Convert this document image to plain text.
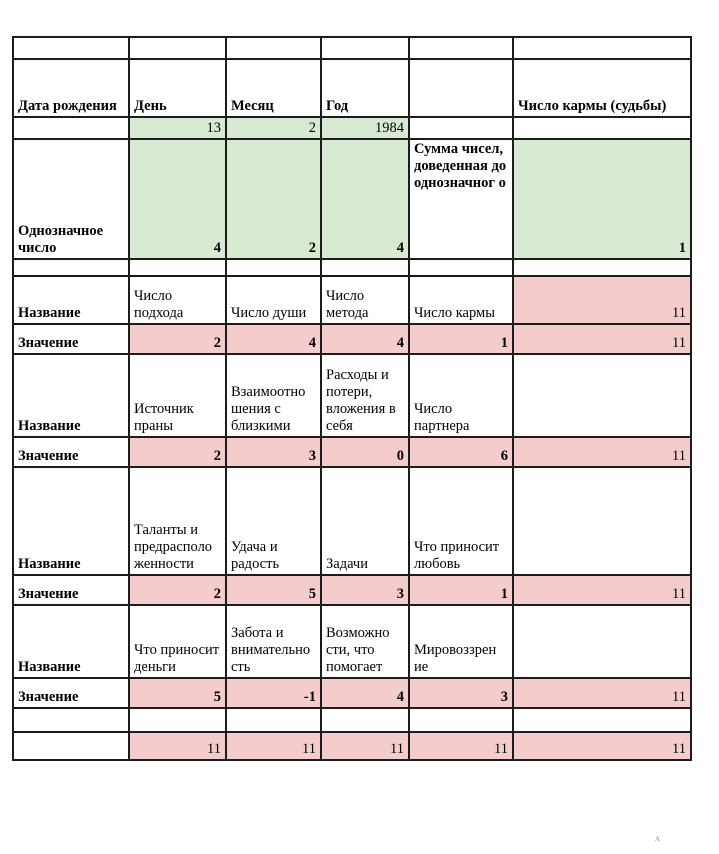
Дата рождения	День	Месяц	Год		Число кармы (судьбы)
	13	2	1984		
Однозначное число	4	2	4	Сумма чисел, доведенная до однозначног о	1

Название	Число подхода	Число души	Число метода	Число кармы	11
Значение	2	4	4	1	11
Название	Источник праны	Взаимоотно шения с близкими	Расходы и потери, вложения в себя	Число партнера	
Значение	2	3	0	6	11
Название	Таланты и предрасполо женности	Удача и радость	Задачи	Что приносит любовь	
Значение	2	5	3	1	11
Название	Что приносит деньги	Забота и внимательно сть	Возможно сти, что помогает	Мировоззрен ие	
Значение	5	-1	4	3	11

	11	11	11	11	11
ᴧ
